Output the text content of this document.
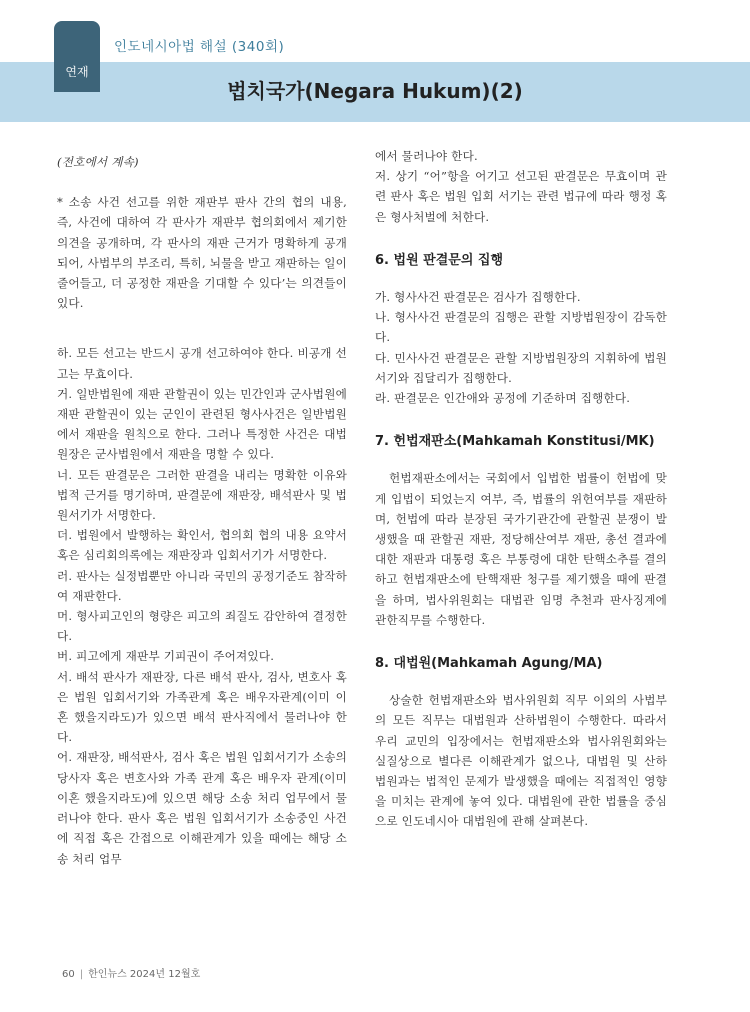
연재
인도네시아법 해설 (340회)
법치국가(Negara Hukum)(2)

(전호에서 계속)

* 소송 사건 선고를 위한 재판부 판사 간의 협의 내용, 즉, 사건에 대하여 각 판사가 재판부 협의회에서 제기한 의견을 공개하며, 각 판사의 재판 근거가 명확하게 공개되어, 사법부의 부조리, 특히, 뇌물을 받고 재판하는 일이 줄어들고, 더 공정한 재판을 기대할 수 있다’는 의견들이 있다.

하. 모든 선고는 반드시 공개 선고하여야 한다. 비공개 선고는 무효이다.

거. 일반법원에 재판 관할권이 있는 민간인과 군사법원에 재판 관할권이 있는 군인이 관련된 형사사건은 일반법원에서 재판을 원칙으로 한다. 그러나 특정한 사건은 대법원장은 군사법원에서 재판을 명할 수 있다.

너. 모든 판결문은 그러한 판결을 내리는 명확한 이유와 법적 근거를 명기하며, 판결문에 재판장, 배석판사 및 법원서기가 서명한다.

더. 법원에서 발행하는 확인서, 협의회 협의 내용 요약서 혹은 심리회의록에는 재판장과 입회서기가 서명한다.

러. 판사는 실정법뿐만 아니라 국민의 공정기준도 참작하여 재판한다.

머. 형사피고인의 형량은 피고의 죄질도 감안하여 결정한다.

버. 피고에게 재판부 기피권이 주어져있다.

서. 배석 판사가 재판장, 다른 배석 판사, 검사, 변호사 혹은 법원 입회서기와 가족관계 혹은 배우자관계(이미 이혼 했을지라도)가 있으면 배석 판사직에서 물러나야 한다.

어. 재판장, 배석판사, 검사 혹은 법원 입회서기가 소송의 당사자 혹은 변호사와 가족 관계 혹은 배우자 관계(이미 이혼 했을지라도)에 있으면 해당 소송 처리 업무에서 물러나야 한다. 판사 혹은 법원 입회서기가 소송중인 사건에 직접 혹은 간접으로 이해관계가 있을 때에는 해당 소송 처리 업무

에서 물러나야 한다.

저. 상기 “어”항을 어기고 선고된 판결문은 무효이며 관련 판사 혹은 법원 입회 서기는 관련 법규에 따라 행정 혹은 형사처벌에 처한다.

6. 법원 판결문의 집행

가. 형사사건 판결문은 검사가 집행한다.

나. 형사사건 판결문의 집행은 관할 지방법원장이 감독한다.

다. 민사사건 판결문은 관할 지방법원장의 지휘하에 법원 서기와 집달리가 집행한다.

라. 판결문은 인간애와 공정에 기준하며 집행한다.

7. 헌법재판소(Mahkamah Konstitusi/MK)

헌법재판소에서는 국회에서 입법한 법률이 헌법에 맞게 입법이 되었는지 여부, 즉, 법률의 위헌여부를 재판하며, 헌법에 따라 분장된 국가기관간에 관할권 분쟁이 발생했을 때 관할권 재판, 정당해산여부 재판, 총선 결과에 대한 재판과 대통령 혹은 부통령에 대한 탄핵소추를 결의하고 헌법재판소에 탄핵재판 청구를 제기했을 때에 판결을 하며, 법사위원회는 대법관 임명 추천과 판사징계에 관한직무를 수행한다.

8. 대법원(Mahkamah Agung/MA)

상술한 헌법재판소와 법사위원회 직무 이외의 사법부의 모든 직무는 대법원과 산하법원이 수행한다. 따라서 우리 교민의 입장에서는 헌법재판소와 법사위원회와는 실질상으로 별다른 이해관계가 없으나, 대법원 및 산하 법원과는 법적인 문제가 발생했을 때에는 직접적인 영향을 미치는 관계에 놓여 있다. 대법원에 관한 법률을 중심으로 인도네시아 대법원에 관해 살펴본다.

60 | 한인뉴스 2024년 12월호
